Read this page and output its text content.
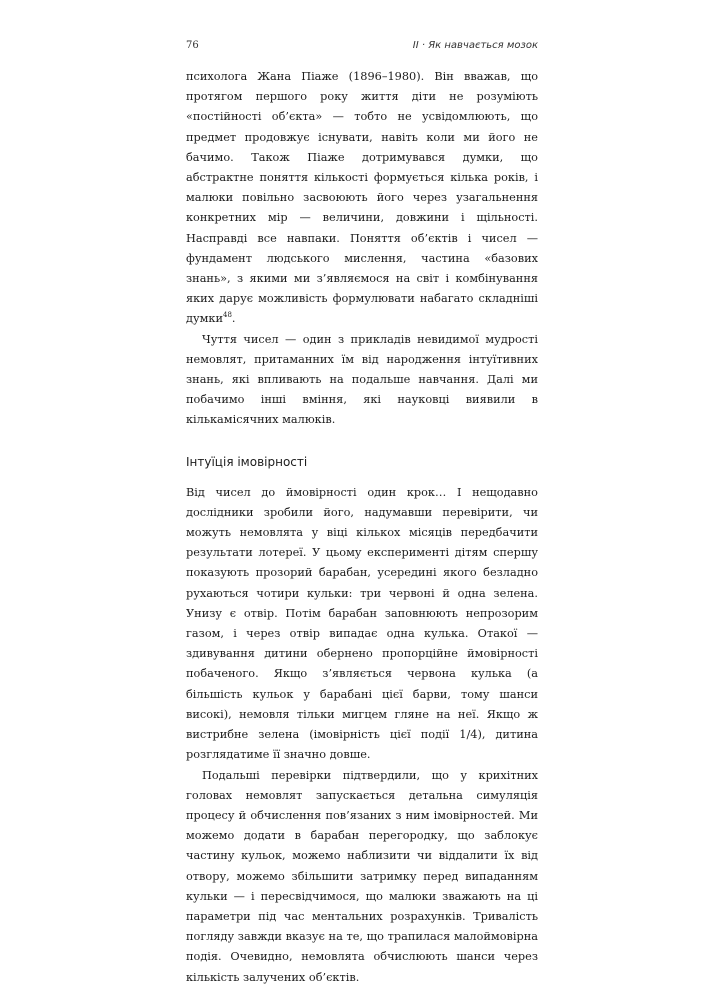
76	II · Як навчається мозок

психолога Жана Піаже (1896–1980). Він вважав, що протягом першого року життя діти не розуміють «постійності об’єкта» — тобто не усвідомлюють, що предмет продовжує існувати, навіть коли ми його не бачимо. Також Піаже дотримувався думки, що абстрактне поняття кількості формується кілька років, і малюки повільно засвоюють його через узагальнення конкретних мір — величини, довжини і щільності. Насправді все навпаки. Поняття об’єктів і чисел — фундамент людського мислення, частина «базових знань», з якими ми з’являємося на світ і комбінування яких дарує можливість формулювати набагато складніші думки$^{48}$.

Чуття чисел — один з прикладів невидимої мудрості немовлят, притаманних їм від народження інтуїтивних знань, які впливають на подальше навчання. Далі ми побачимо інші вміння, які науковці виявили в кількамісячних малюків.

Інтуїція імовірності

Від чисел до ймовірності один крок… І нещодавно дослідники зробили його, надумавши перевірити, чи можуть немовлята у віці кількох місяців передбачити результати лотереї. У цьому експерименті дітям спершу показують прозорий барабан, усередині якого безладно рухаються чотири кульки: три червоні й одна зелена. Унизу є отвір. Потім барабан заповнюють непрозорим газом, і через отвір випадає одна кулька. Отакої — здивування дитини обернено пропорційне ймовірності побаченого. Якщо з’являється червона кулька (а більшість кульок у барабані цієї барви, тому шанси високі), немовля тільки мигцем гляне на неї. Якщо ж вистрибне зелена (імовірність цієї події 1/4), дитина розглядатиме її значно довше.

Подальші перевірки підтвердили, що у крихітних головах немовлят запускається детальна симуляція процесу й обчислення пов’язаних з ним імовірностей. Ми можемо додати в барабан перегородку, що заблокує частину кульок, можемо наблизити чи віддалити їх від отвору, можемо збільшити затримку перед випаданням кульки — і пересвідчимося, що малюки зважають на ці параметри під час ментальних розрахунків. Тривалість погляду завжди вказує на те, що трапилася малоймовірна подія. Очевидно, немовлята обчислюють шанси через кількість залучених об’єктів.
